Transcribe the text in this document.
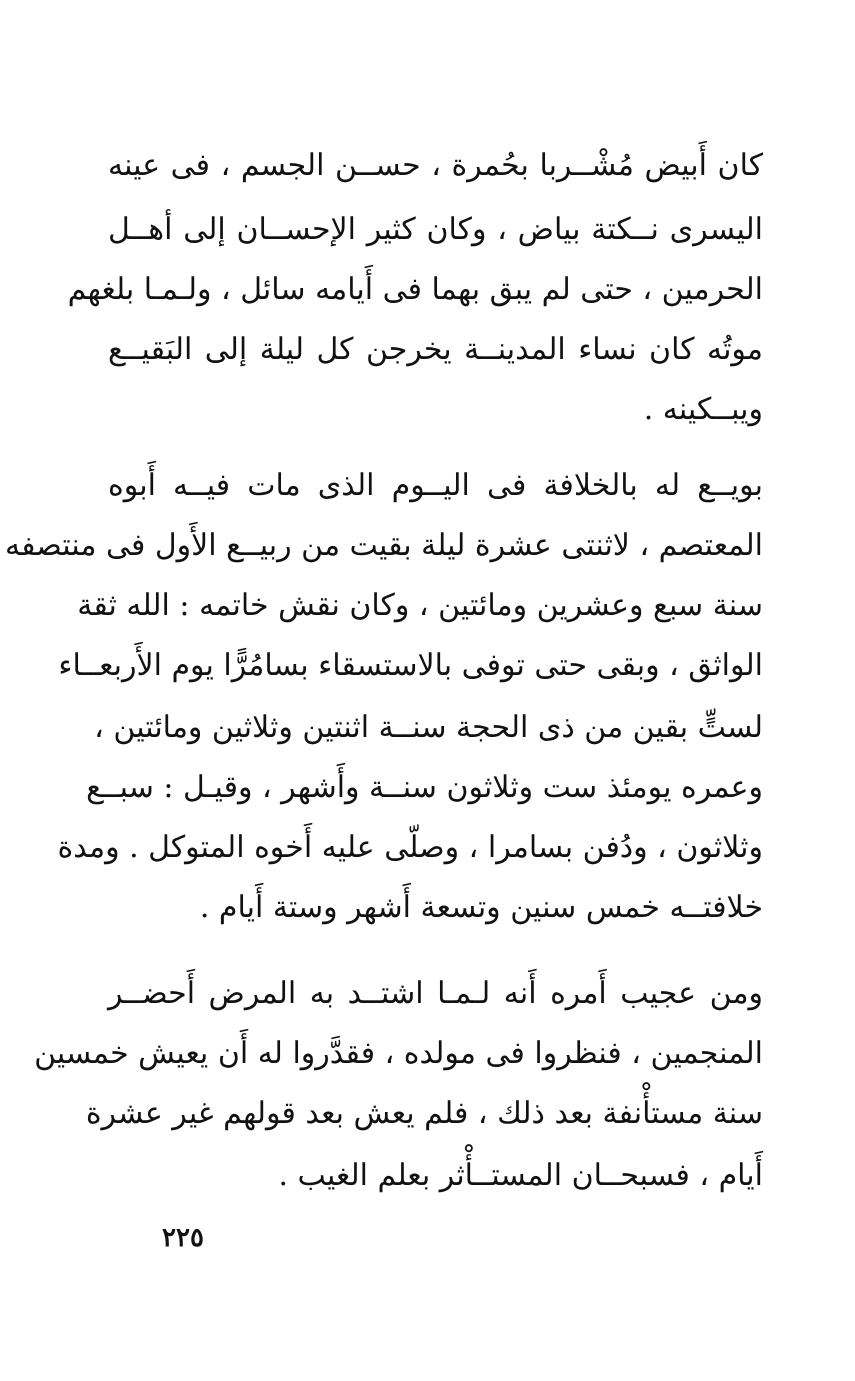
كان أَبيض مُشْــربا بحُمرة ، حســن الجسم ، فى عينه
اليسرى نــكتة بياض ، وكان كثير الإحســان إلى أهــل
الحرمين ، حتى لم يبق بهما فى أَيامه سائل ، ولـمـا بلغهم
موتُه كان نساء المدينــة يخرجن كل ليلة إلى البَقيــع
ويبــكينه .
بويــع له بالخلافة فى اليــوم الذى مات فيــه أَبوه
المعتصم ، لاثنتى عشرة ليلة بقيت من ربيــع الأَول فى منتصفه
سنة سبع وعشرين ومائتين ، وكان نقش خاتمه : الله ثقة
الواثق ، وبقى حتى توفى بالاستسقاء بسامُرًّا يوم الأَربعــاء
لستٍّ بقين من ذى الحجة سنــة اثنتين وثلاثين ومائتين ،
وعمره يومئذ ست وثلاثون سنــة وأَشهر ، وقيـل : سبــع
وثلاثون ، ودُفن بسامرا ، وصلّى عليه أَخوه المتوكل . ومدة
خلافتــه خمس سنين وتسعة أَشهر وستة أَيام .
ومن عجيب أَمره أَنه لـمـا اشتــد به المرض أَحضــر
المنجمين ، فنظروا فى مولده ، فقدَّروا له أَن يعيش خمسين
سنة مستأْنفة بعد ذلك ، فلم يعش بعد قولهم غير عشرة
أَيام ، فسبحــان المستــأْثر بعلم الغيب .
٢٢٥
